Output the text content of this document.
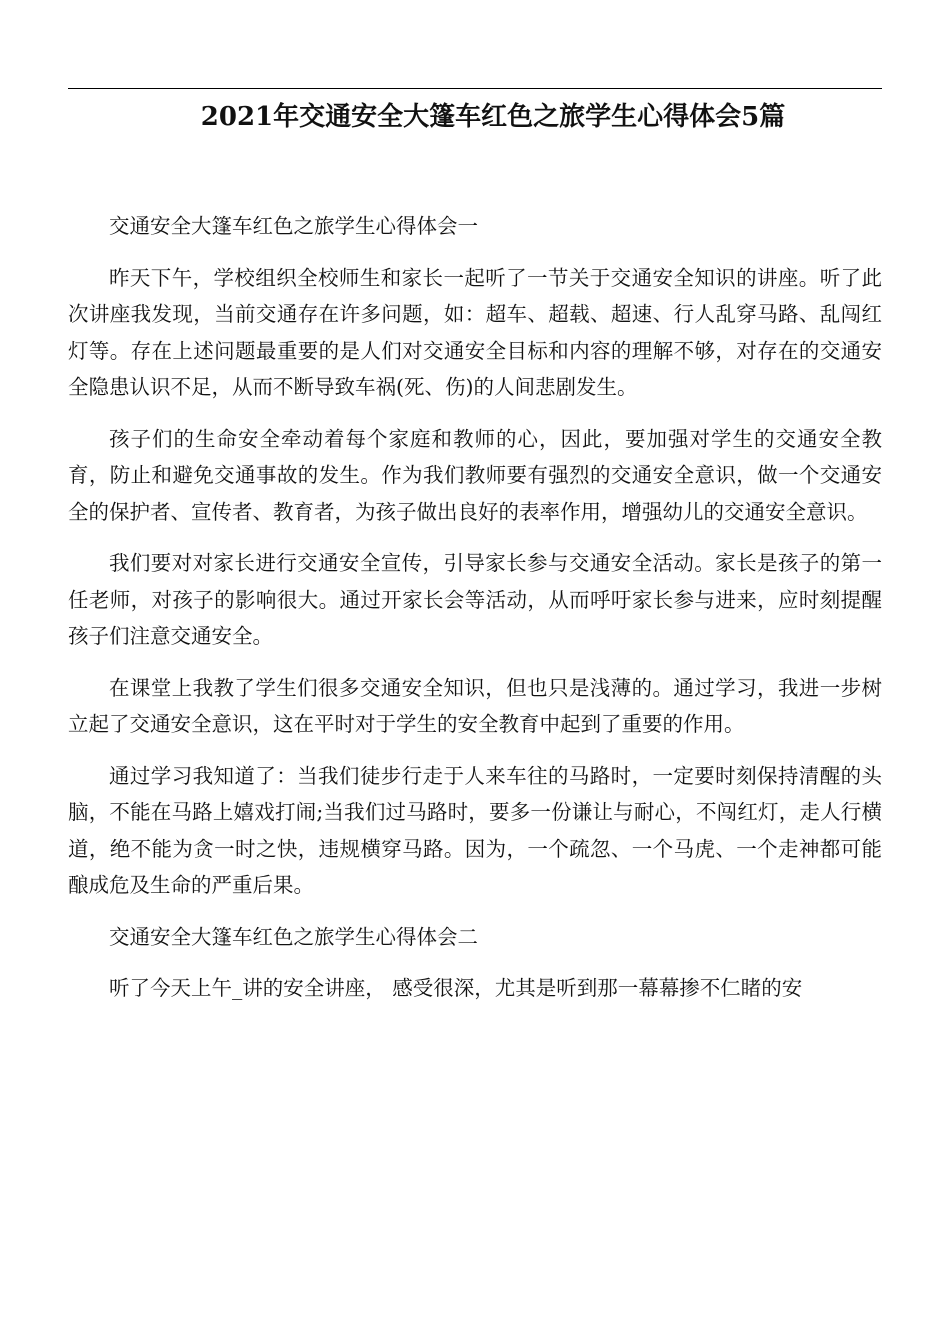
2021年交通安全大篷车红色之旅学生心得体会5篇

交通安全大篷车红色之旅学生心得体会一

昨天下午，学校组织全校师生和家长一起听了一节关于交通安全知识的讲座。听了此次讲座我发现，当前交通存在许多问题，如：超车、超载、超速、行人乱穿马路、乱闯红灯等。存在上述问题最重要的是人们对交通安全目标和内容的理解不够，对存在的交通安全隐患认识不足，从而不断导致车祸(死、伤)的人间悲剧发生。

孩子们的生命安全牵动着每个家庭和教师的心，因此，要加强对学生的交通安全教育，防止和避免交通事故的发生。作为我们教师要有强烈的交通安全意识，做一个交通安全的保护者、宣传者、教育者，为孩子做出良好的表率作用，增强幼儿的交通安全意识。

我们要对对家长进行交通安全宣传，引导家长参与交通安全活动。家长是孩子的第一任老师，对孩子的影响很大。通过开家长会等活动，从而呼吁家长参与进来，应时刻提醒孩子们注意交通安全。

在课堂上我教了学生们很多交通安全知识，但也只是浅薄的。通过学习，我进一步树立起了交通安全意识，这在平时对于学生的安全教育中起到了重要的作用。

通过学习我知道了：当我们徒步行走于人来车往的马路时，一定要时刻保持清醒的头脑，不能在马路上嬉戏打闹;当我们过马路时，要多一份谦让与耐心，不闯红灯，走人行横道，绝不能为贪一时之快，违规横穿马路。因为，一个疏忽、一个马虎、一个走神都可能酿成危及生命的严重后果。

交通安全大篷车红色之旅学生心得体会二

听了今天上午_讲的安全讲座， 感受很深，尤其是听到那一幕幕掺不仁睹的安
